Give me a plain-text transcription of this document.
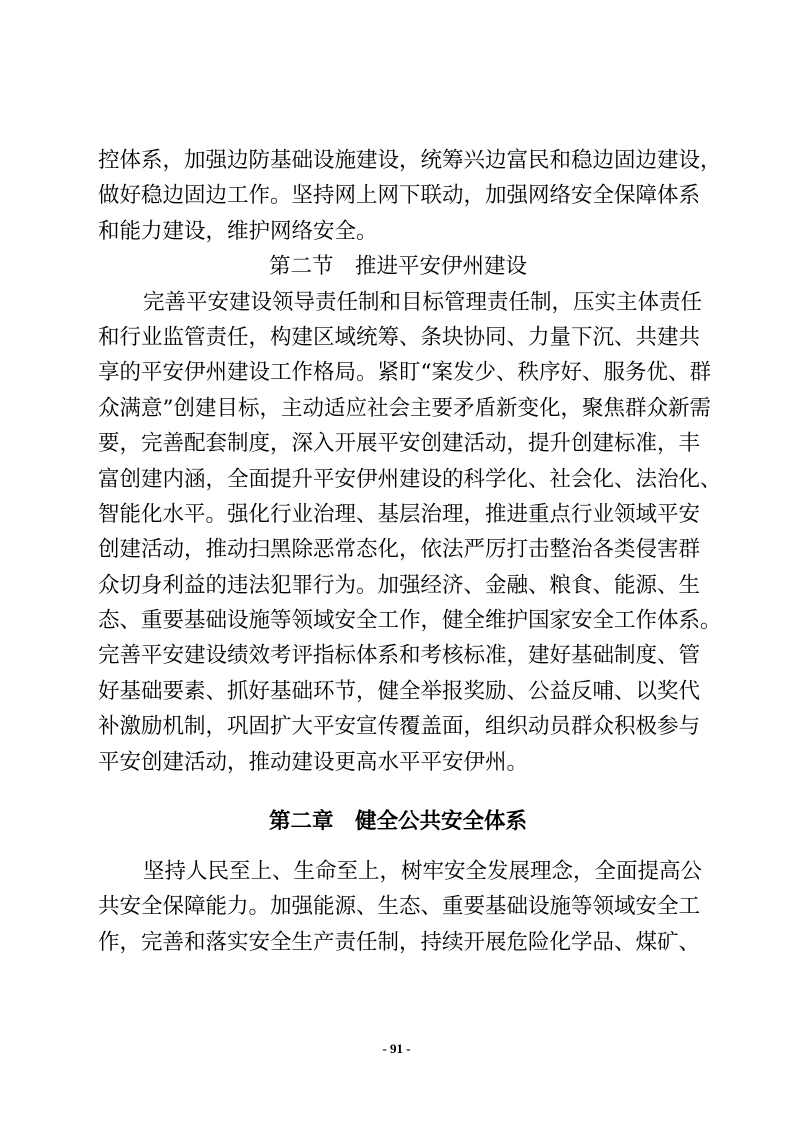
控体系，加强边防基础设施建设，统筹兴边富民和稳边固边建设，
做好稳边固边工作。坚持网上网下联动，加强网络安全保障体系
和能力建设，维护网络安全。
第二节　推进平安伊州建设
完善平安建设领导责任制和目标管理责任制，压实主体责任
和行业监管责任，构建区域统筹、条块协同、力量下沉、共建共
享的平安伊州建设工作格局。紧盯“案发少、秩序好、服务优、群
众满意”创建目标，主动适应社会主要矛盾新变化，聚焦群众新需
要，完善配套制度，深入开展平安创建活动，提升创建标准，丰
富创建内涵，全面提升平安伊州建设的科学化、社会化、法治化、
智能化水平。强化行业治理、基层治理，推进重点行业领域平安
创建活动，推动扫黑除恶常态化，依法严厉打击整治各类侵害群
众切身利益的违法犯罪行为。加强经济、金融、粮食、能源、生
态、重要基础设施等领域安全工作，健全维护国家安全工作体系。
完善平安建设绩效考评指标体系和考核标准，建好基础制度、管
好基础要素、抓好基础环节，健全举报奖励、公益反哺、以奖代
补激励机制，巩固扩大平安宣传覆盖面，组织动员群众积极参与
平安创建活动，推动建设更高水平平安伊州。
第二章　健全公共安全体系
坚持人民至上、生命至上，树牢安全发展理念，全面提高公
共安全保障能力。加强能源、生态、重要基础设施等领域安全工
作，完善和落实安全生产责任制，持续开展危险化学品、煤矿、
- 91 -
